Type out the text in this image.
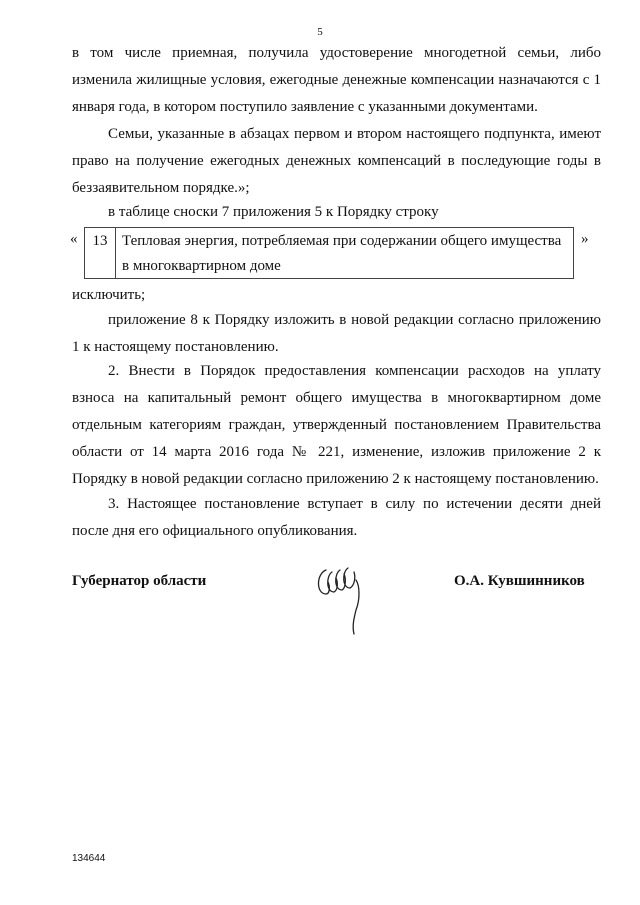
5
в том числе приемная, получила удостоверение многодетной семьи, либо изменила жилищные условия, ежегодные денежные компенсации назначаются с 1 января года, в котором поступило заявление с указанными документами.
Семьи, указанные в абзацах первом и втором настоящего подпункта, имеют право на получение ежегодных денежных компенсаций в последующие годы в беззаявительном порядке.»;
в таблице сноски 7 приложения 5 к Порядку строку
«	13 Тепловая энергия, потребляемая при содержании общего имущества в многоквартирном доме
»
исключить;
приложение 8 к Порядку изложить в новой редакции согласно приложению 1 к настоящему постановлению.
2. Внести в Порядок предоставления компенсации расходов на уплату взноса на капитальный ремонт общего имущества в многоквартирном доме отдельным категориям граждан, утвержденный постановлением Правительства области от 14 марта 2016 года № 221, изменение, изложив приложение 2 к Порядку в новой редакции согласно приложению 2 к настоящему постановлению.
3. Настоящее постановление вступает в силу по истечении десяти дней после дня его официального опубликования.
Губернатор области	О.А. Кувшинников
134644
